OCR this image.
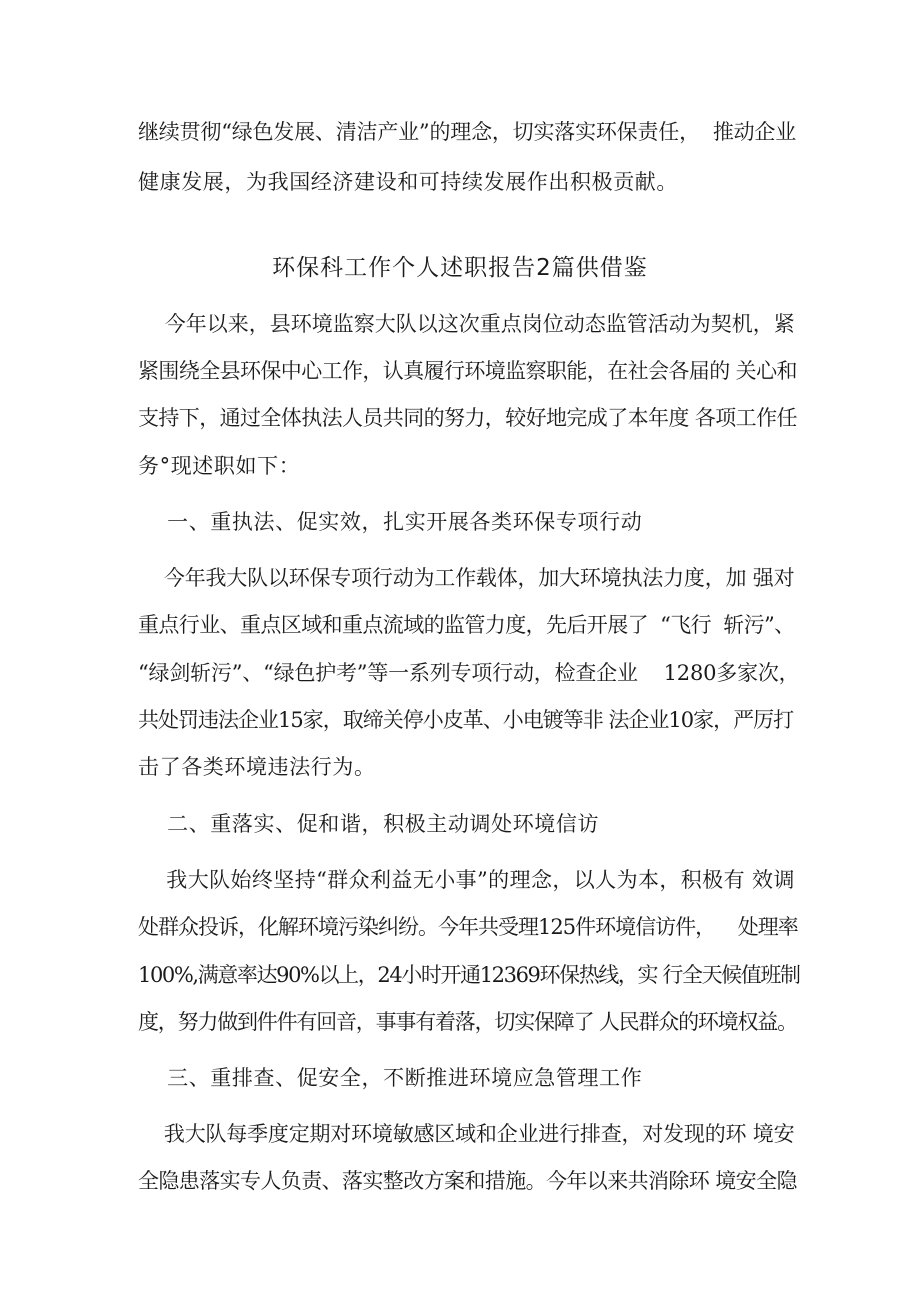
继续贯彻“绿色发展、清洁产业”的理念，切实落实环保责任，  推动企业
健康发展，为我国经济建设和可持续发展作出积极贡献。
环保科工作个人述职报告2篇供借鉴
今年以来，县环境监察大队以这次重点岗位动态监管活动为契机，紧
紧围绕全县环保中心工作，认真履行环境监察职能，在社会各届的 关心和
支持下，通过全体执法人员共同的努力，较好地完成了本年度 各项工作任
务°现述职如下：
一、重执法、促实效，扎实开展各类环保专项行动
今年我大队以环保专项行动为工作载体，加大环境执法力度，加 强对
重点行业、重点区域和重点流域的监管力度，先后开展了  “飞行  斩污”、
“绿剑斩污”、“绿色护考”等一系列专项行动，检查企业    1280多家次，
共处罚违法企业15家，取缔关停小皮革、小电镀等非 法企业10家，严厉打
击了各类环境违法行为。
二、重落实、促和谐，积极主动调处环境信访
我大队始终坚持“群众利益无小事”的理念，以人为本，积极有 效调
处群众投诉，化解环境污染纠纷。今年共受理125件环境信访件，    处理率
100%,满意率达90%以上，24小时开通12369环保热线，实 行全天候值班制
度，努力做到件件有回音，事事有着落，切实保障了 人民群众的环境权益。
三、重排查、促安全，不断推进环境应急管理工作
我大队每季度定期对环境敏感区域和企业进行排查，对发现的环 境安
全隐患落实专人负责、落实整改方案和措施。今年以来共消除环 境安全隐
